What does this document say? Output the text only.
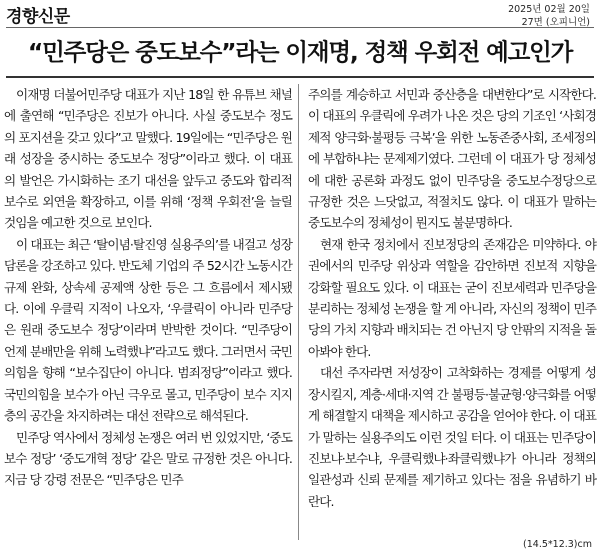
경향신문	2025년 02월 20일
27면 (오피니언)
“민주당은 중도보수”라는 이재명, 정책 우회전 예고인가

이재명 더불어민주당 대표가 지난 18일 한 유튜브 채널에 출연해 “민주당은 진보가 아니다. 사실 중도보수 정도의 포지션을 갖고 있다”고 말했다. 19일에는 “민주당은 원래 성장을 중시하는 중도보수 정당”이라고 했다. 이 대표의 발언은 가시화하는 조기 대선을 앞두고 중도와 합리적 보수로 외연을 확장하고, 이를 위해 ‘정책 우회전’을 늘릴 것임을 예고한 것으로 보인다.

이 대표는 최근 ‘탈이념·탈진영 실용주의’를 내걸고 성장 담론을 강조하고 있다. 반도체 기업의 주 52시간 노동시간 규제 완화, 상속세 공제액 상한 등은 그 흐름에서 제시됐다. 이에 우클릭 지적이 나오자, ‘우클릭이 아니라 민주당은 원래 중도보수 정당’이라며 반박한 것이다. “민주당이 언제 분배만을 위해 노력했냐”라고도 했다. 그러면서 국민의힘을 향해 “보수집단이 아니다. 범죄정당”이라고 했다. 국민의힘을 보수가 아닌 극우로 몰고, 민주당이 보수 지지층의 공간을 차지하려는 대선 전략으로 해석된다.

민주당 역사에서 정체성 논쟁은 여러 번 있었지만, ‘중도보수 정당’ ‘중도개혁 정당’ 같은 말로 규정한 것은 아니다. 지금 당 강령 전문은 “민주당은 민주

주의를 계승하고 서민과 중산층을 대변한다”로 시작한다. 이 대표의 우클릭에 우려가 나온 것은 당의 기조인 ‘사회경제적 양극화·불평등 극복’을 위한 노동존중사회, 조세정의에 부합하냐는 문제제기였다. 그런데 이 대표가 당 정체성에 대한 공론화 과정도 없이 민주당을 중도보수정당으로 규정한 것은 느닷없고, 적절치도 않다. 이 대표가 말하는 중도보수의 정체성이 뭔지도 불분명하다.

현재 한국 정치에서 진보정당의 존재감은 미약하다. 야권에서의 민주당 위상과 역할을 감안하면 진보적 지향을 강화할 필요도 있다. 이 대표는 굳이 진보세력과 민주당을 분리하는 정체성 논쟁을 할 게 아니라, 자신의 정책이 민주당의 가치 지향과 배치되는 건 아닌지 당 안팎의 지적을 돌아봐야 한다.

대선 주자라면 저성장이 고착화하는 경제를 어떻게 성장시킬지, 계층·세대·지역 간 불평등·불균형·양극화를 어떻게 해결할지 대책을 제시하고 공감을 얻어야 한다. 이 대표가 말하는 실용주의도 이런 것일 터다. 이 대표는 민주당이 진보냐·보수냐, 우클릭했냐·좌클릭했냐가 아니라 정책의 일관성과 신뢰 문제를 제기하고 있다는 점을 유념하기 바란다.

(14.5*12.3)cm
